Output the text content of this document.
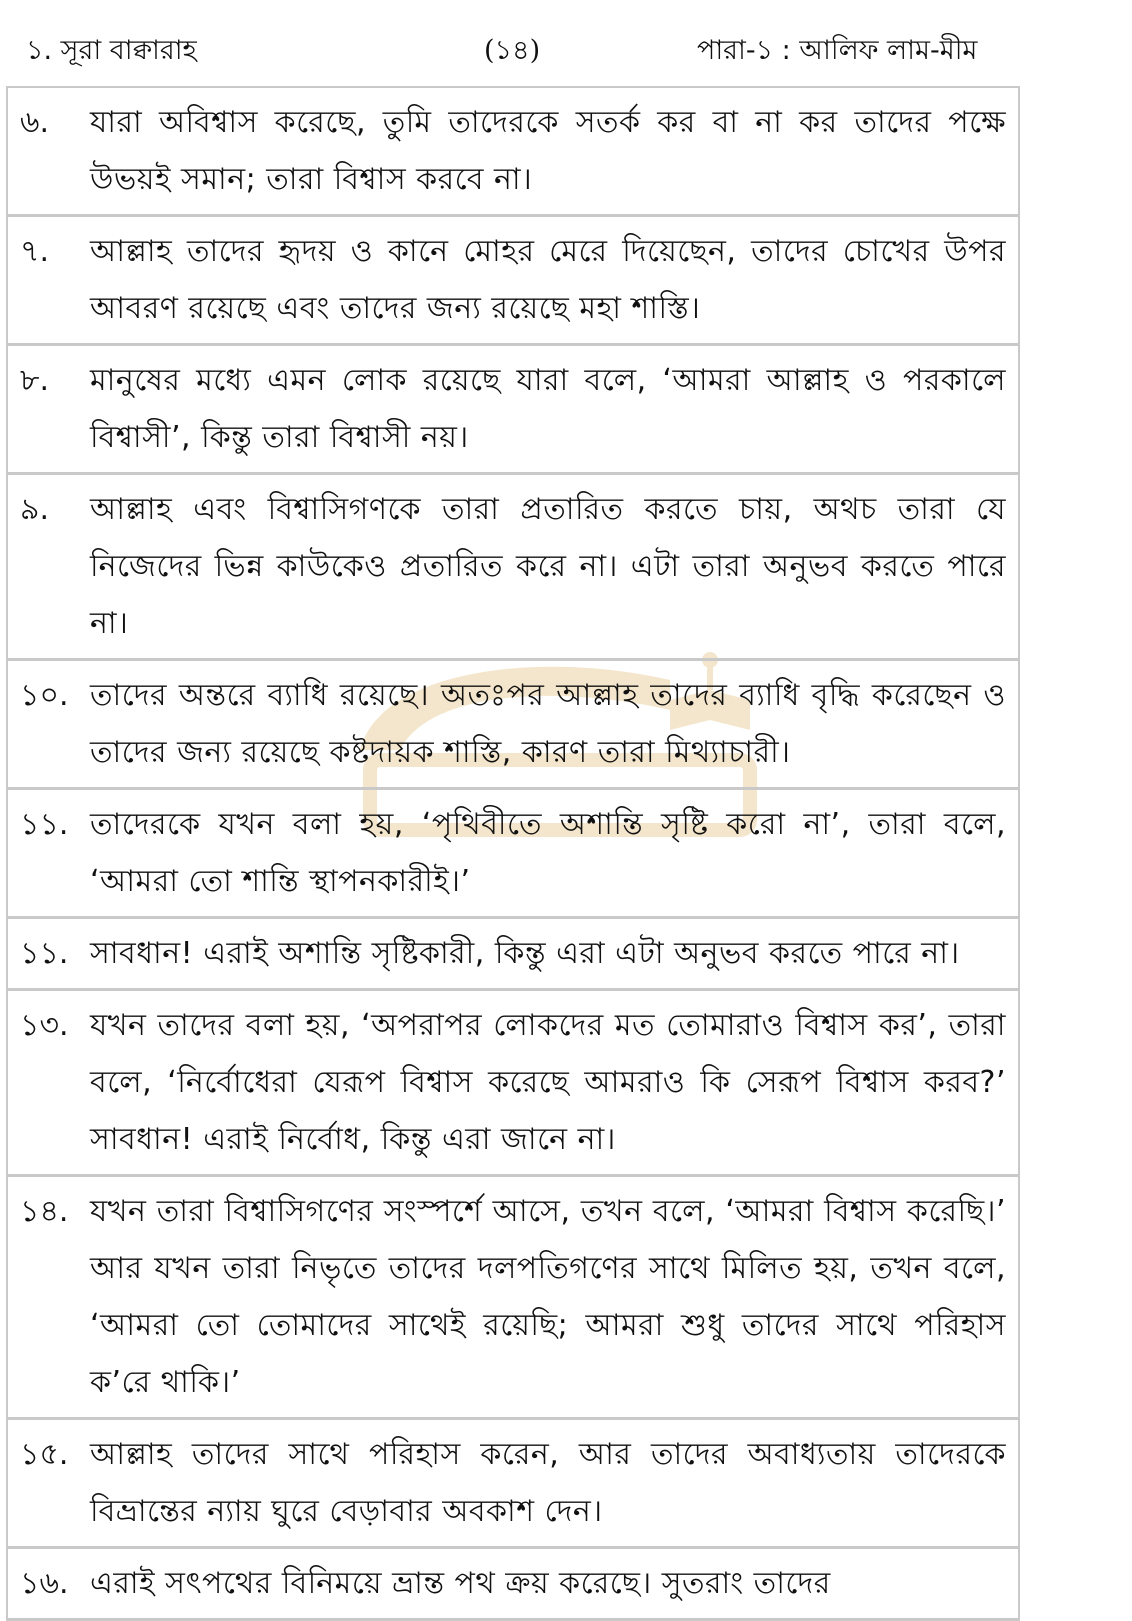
১. সূরা বাক্বারাহ	(১৪)	পারা-১ : আলিফ লাম-মীম
৬. যারা অবিশ্বাস করেছে, তুমি তাদেরকে সতর্ক কর বা না কর তাদের পক্ষে উভয়ই সমান; তারা বিশ্বাস করবে না।
৭. আল্লাহ তাদের হৃদয় ও কানে মোহর মেরে দিয়েছেন, তাদের চোখের উপর আবরণ রয়েছে এবং তাদের জন্য রয়েছে মহা শাস্তি।
৮. মানুষের মধ্যে এমন লোক রয়েছে যারা বলে, ‘আমরা আল্লাহ ও পরকালে বিশ্বাসী’, কিন্তু তারা বিশ্বাসী নয়।
৯. আল্লাহ এবং বিশ্বাসিগণকে তারা প্রতারিত করতে চায়, অথচ তারা যে নিজেদের ভিন্ন কাউকেও প্রতারিত করে না। এটা তারা অনুভব করতে পারে না।
১০. তাদের অন্তরে ব্যাধি রয়েছে। অতঃপর আল্লাহ তাদের ব্যাধি বৃদ্ধি করেছেন ও তাদের জন্য রয়েছে কষ্টদায়ক শাস্তি, কারণ তারা মিথ্যাচারী।
১১. তাদেরকে যখন বলা হয়, ‘পৃথিবীতে অশান্তি সৃষ্টি করো না’, তারা বলে, ‘আমরা তো শান্তি স্থাপনকারীই।’
১১. সাবধান! এরাই অশান্তি সৃষ্টিকারী, কিন্তু এরা এটা অনুভব করতে পারে না।
১৩. যখন তাদের বলা হয়, ‘অপরাপর লোকদের মত তোমারাও বিশ্বাস কর’, তারা বলে, ‘নির্বোধেরা যেরূপ বিশ্বাস করেছে আমরাও কি সেরূপ বিশ্বাস করব?’ সাবধান! এরাই নির্বোধ, কিন্তু এরা জানে না।
১৪. যখন তারা বিশ্বাসিগণের সংস্পর্শে আসে, তখন বলে, ‘আমরা বিশ্বাস করেছি।’ আর যখন তারা নিভৃতে তাদের দলপতিগণের সাথে মিলিত হয়, তখন বলে, ‘আমরা তো তোমাদের সাথেই রয়েছি; আমরা শুধু তাদের সাথে পরিহাস ক’রে থাকি।’
১৫. আল্লাহ তাদের সাথে পরিহাস করেন, আর তাদের অবাধ্যতায় তাদেরকে বিভ্রান্তের ন্যায় ঘুরে বেড়াবার অবকাশ দেন।
১৬. এরাই সৎপথের বিনিময়ে ভ্রান্ত পথ ক্রয় করেছে। সুতরাং তাদের
